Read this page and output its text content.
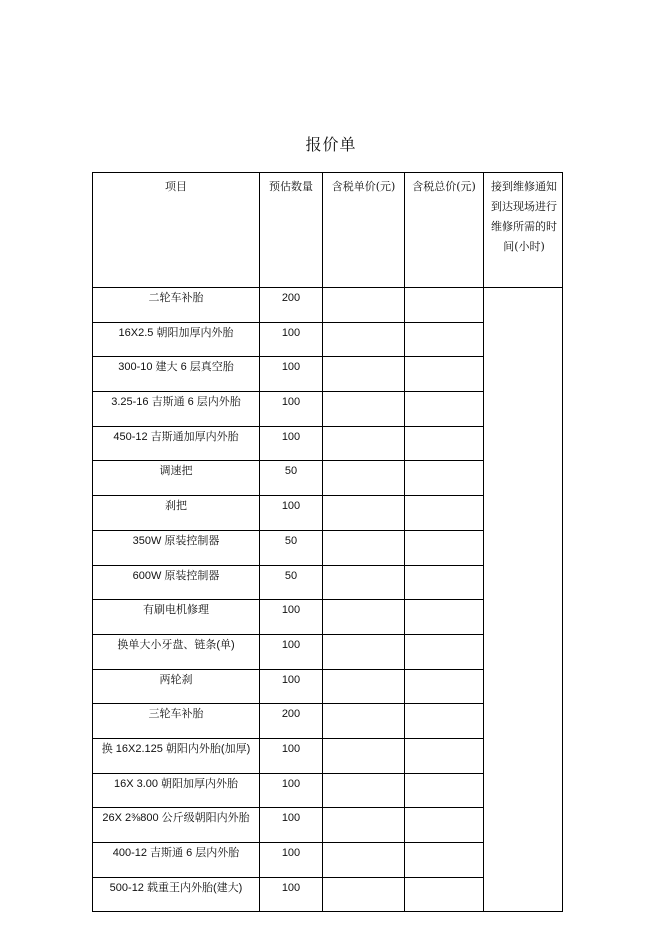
报价单
项目	预估数量	含税单价(元)	含税总价(元)	接到维修通知到达现场进行维修所需的时间(小时)
二轮车补胎	200			
16X2.5 朝阳加厚内外胎	100			
300-10 建大 6 层真空胎	100			
3.25-16 吉斯通 6 层内外胎	100			
450-12 吉斯通加厚内外胎	100			
调速把	50			
刹把	100			
350W 原装控制器	50			
600W 原装控制器	50			
有刷电机修理	100			
换单大小牙盘、链条(单)	100			
两轮刹	100			
三轮车补胎	200			
换 16X2.125 朝阳内外胎(加厚)	100			
16X 3.00 朝阳加厚内外胎	100			
26X 2⅜800 公斤级朝阳内外胎	100			
400-12 吉斯通 6 层内外胎	100			
500-12 载重王内外胎(建大)	100			
